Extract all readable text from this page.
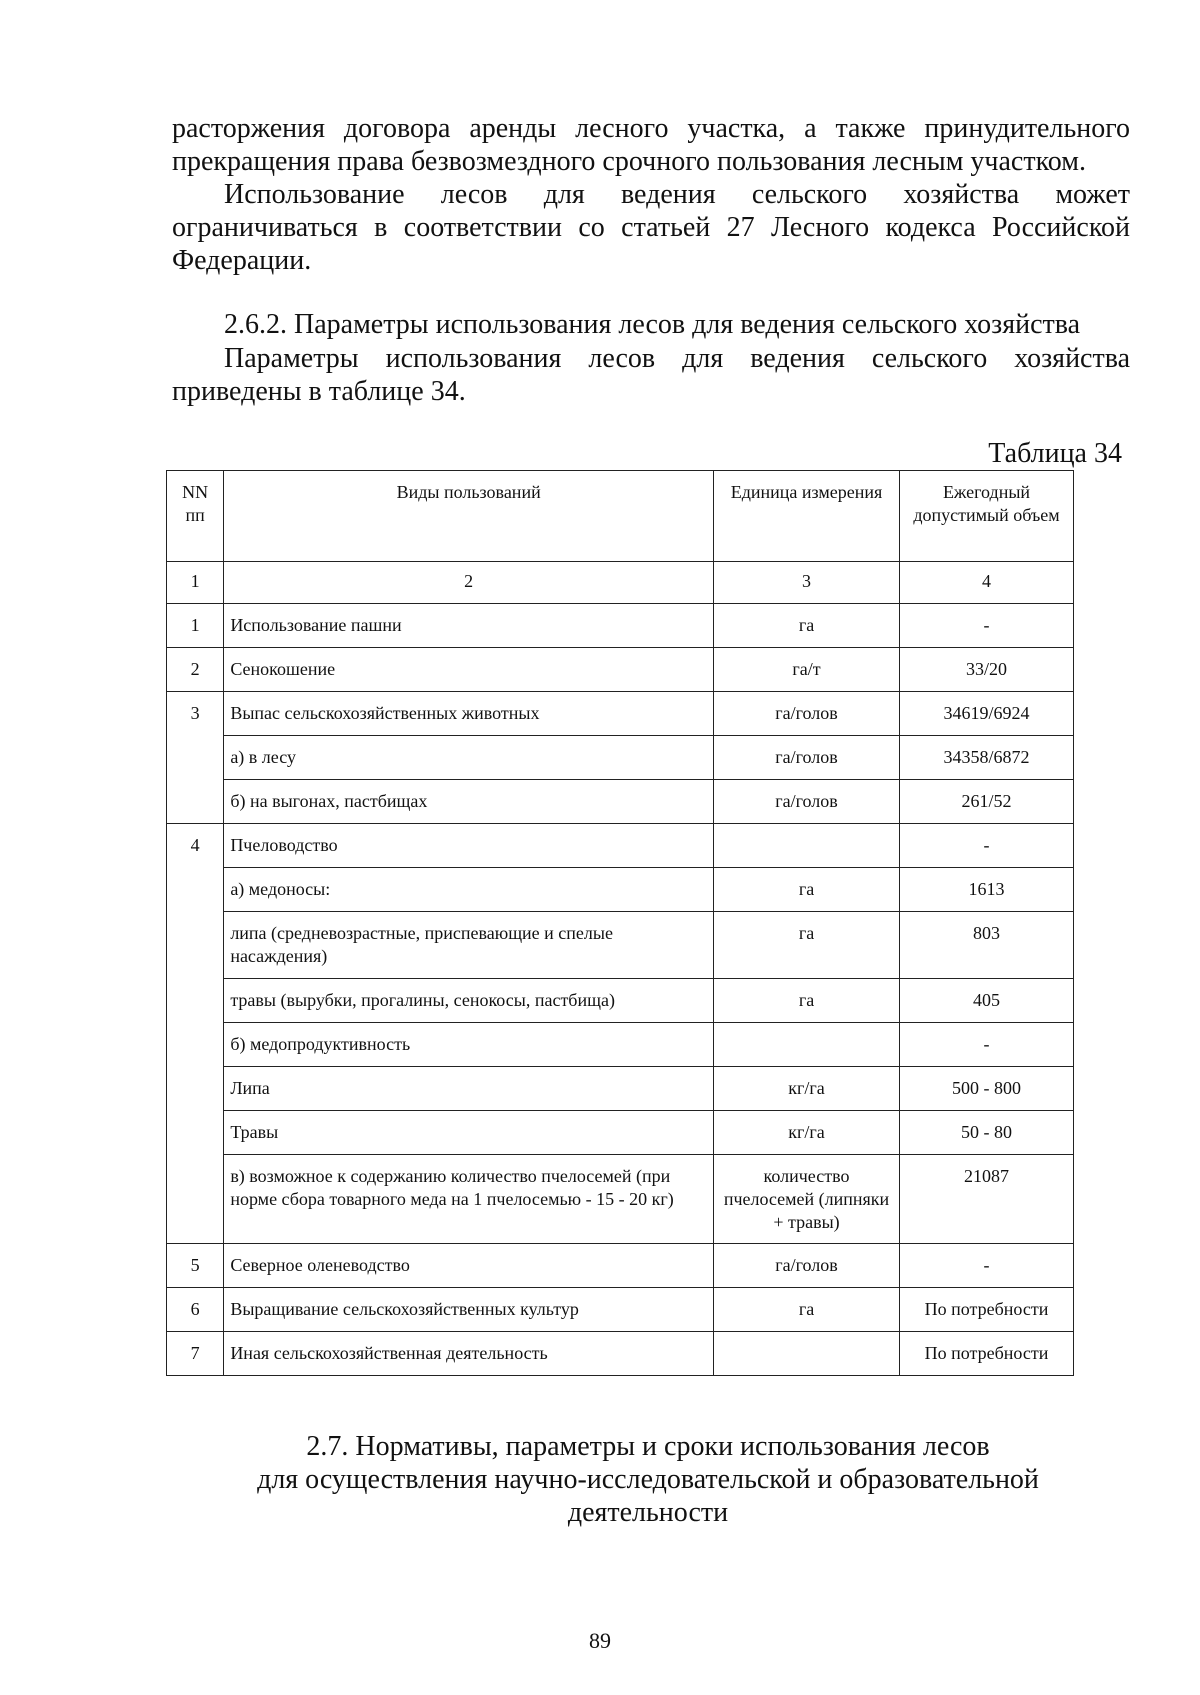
расторжения договора аренды лесного участка, а также принудительного прекращения права безвозмездного срочного пользования лесным участком.

Использование лесов для ведения сельского хозяйства может ограничиваться в соответствии со статьей 27 Лесного кодекса Российской Федерации.

2.6.2. Параметры использования лесов для ведения сельского хозяйства

Параметры использования лесов для ведения сельского хозяйства приведены в таблице 34.

Таблица 34
NN пп	Виды пользований	Единица измерения	Ежегодный допустимый объем
1	2	3	4
1	Использование пашни	га	-
2	Сенокошение	га/т	33/20
3	Выпас сельскохозяйственных животных	га/голов	34619/6924
	а) в лесу	га/голов	34358/6872
	б) на выгонах, пастбищах	га/голов	261/52
4	Пчеловодство		-
	а) медоносы:	га	1613
	липа (средневозрастные, приспевающие и спелые насаждения)	га	803
	травы (вырубки, прогалины, сенокосы, пастбища)	га	405
	б) медопродуктивность		-
	Липа	кг/га	500 - 800
	Травы	кг/га	50 - 80
	в) возможное к содержанию количество пчелосемей (при норме сбора товарного меда на 1 пчелосемью - 15 - 20 кг)	количество пчелосемей (липняки + травы)	21087
5	Северное оленеводство	га/голов	-
6	Выращивание сельскохозяйственных культур	га	По потребности
7	Иная сельскохозяйственная деятельность		По потребности
2.7. Нормативы, параметры и сроки использования лесов
для осуществления научно-исследовательской и образовательной
деятельности
89
